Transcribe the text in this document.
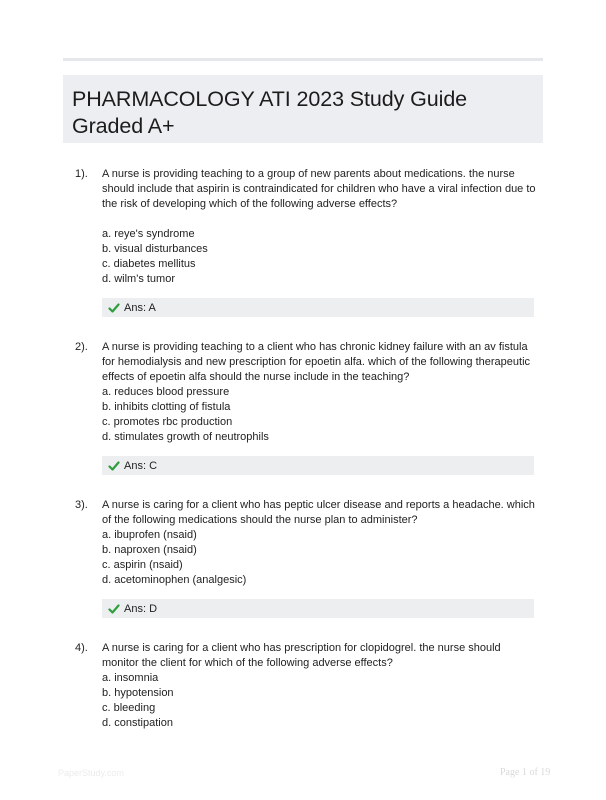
PHARMACOLOGY ATI 2023 Study Guide Graded A+
1). A nurse is providing teaching to a group of new parents about medications. the nurse should include that aspirin is contraindicated for children who have a viral infection due to the risk of developing which of the following adverse effects?

a. reye's syndrome
b. visual disturbances
c. diabetes mellitus
d. wilm's tumor
Ans: A
2). A nurse is providing teaching to a client who has chronic kidney failure with an av fistula for hemodialysis and new prescription for epoetin alfa. which of the following therapeutic effects of epoetin alfa should the nurse include in the teaching?

a. reduces blood pressure
b. inhibits clotting of fistula
c. promotes rbc production
d. stimulates growth of neutrophils
Ans: C
3). A nurse is caring for a client who has peptic ulcer disease and reports a headache. which of the following medications should the nurse plan to administer?

a. ibuprofen (nsaid)
b. naproxen (nsaid)
c. aspirin (nsaid)
d. acetominophen (analgesic)
Ans: D
4). A nurse is caring for a client who has prescription for clopidogrel. the nurse should monitor the client for which of the following adverse effects?

a. insomnia
b. hypotension
c. bleeding
d. constipation
PaperStudy.com	Page 1 of 19
